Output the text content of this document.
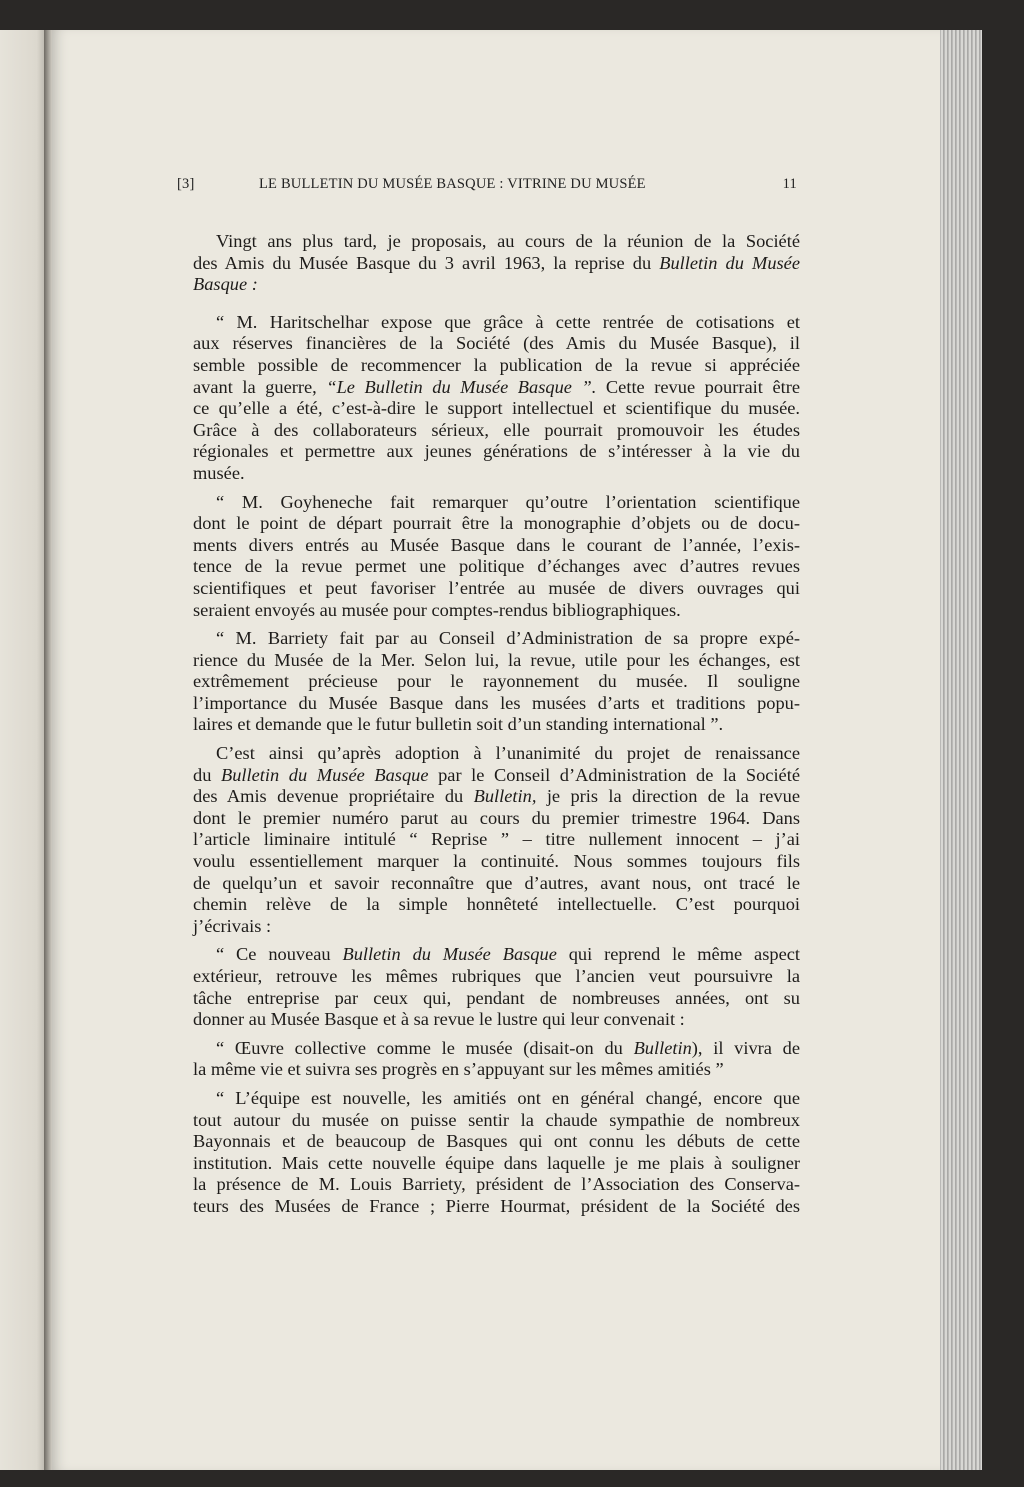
[3]	LE BULLETIN DU MUSÉE BASQUE : VITRINE DU MUSÉE	11
Vingt ans plus tard, je proposais, au cours de la réunion de la Société
des Amis du Musée Basque du 3 avril 1963, la reprise du Bulletin du Musée
Basque :
“ M. Haritschelhar expose que grâce à cette rentrée de cotisations et
aux réserves financières de la Société (des Amis du Musée Basque), il
semble possible de recommencer la publication de la revue si appréciée
avant la guerre, “Le Bulletin du Musée Basque ”. Cette revue pourrait être
ce qu’elle a été, c’est-à-dire le support intellectuel et scientifique du musée.
Grâce à des collaborateurs sérieux, elle pourrait promouvoir les études
régionales et permettre aux jeunes générations de s’intéresser à la vie du
musée.
“ M. Goyheneche fait remarquer qu’outre l’orientation scientifique
dont le point de départ pourrait être la monographie d’objets ou de docu-
ments divers entrés au Musée Basque dans le courant de l’année, l’exis-
tence de la revue permet une politique d’échanges avec d’autres revues
scientifiques et peut favoriser l’entrée au musée de divers ouvrages qui
seraient envoyés au musée pour comptes-rendus bibliographiques.
“ M. Barriety fait par au Conseil d’Administration de sa propre expé-
rience du Musée de la Mer. Selon lui, la revue, utile pour les échanges, est
extrêmement précieuse pour le rayonnement du musée. Il souligne
l’importance du Musée Basque dans les musées d’arts et traditions popu-
laires et demande que le futur bulletin soit d’un standing international ”.
C’est ainsi qu’après adoption à l’unanimité du projet de renaissance
du Bulletin du Musée Basque par le Conseil d’Administration de la Société
des Amis devenue propriétaire du Bulletin, je pris la direction de la revue
dont le premier numéro parut au cours du premier trimestre 1964. Dans
l’article liminaire intitulé “ Reprise ” – titre nullement innocent – j’ai
voulu essentiellement marquer la continuité. Nous sommes toujours fils
de quelqu’un et savoir reconnaître que d’autres, avant nous, ont tracé le
chemin relève de la simple honnêteté intellectuelle. C’est pourquoi
j’écrivais :
“ Ce nouveau Bulletin du Musée Basque qui reprend le même aspect
extérieur, retrouve les mêmes rubriques que l’ancien veut poursuivre la
tâche entreprise par ceux qui, pendant de nombreuses années, ont su
donner au Musée Basque et à sa revue le lustre qui leur convenait :
“ Œuvre collective comme le musée (disait-on du Bulletin), il vivra de
la même vie et suivra ses progrès en s’appuyant sur les mêmes amitiés ”
“ L’équipe est nouvelle, les amitiés ont en général changé, encore que
tout autour du musée on puisse sentir la chaude sympathie de nombreux
Bayonnais et de beaucoup de Basques qui ont connu les débuts de cette
institution. Mais cette nouvelle équipe dans laquelle je me plais à souligner
la présence de M. Louis Barriety, président de l’Association des Conserva-
teurs des Musées de France ; Pierre Hourmat, président de la Société des
